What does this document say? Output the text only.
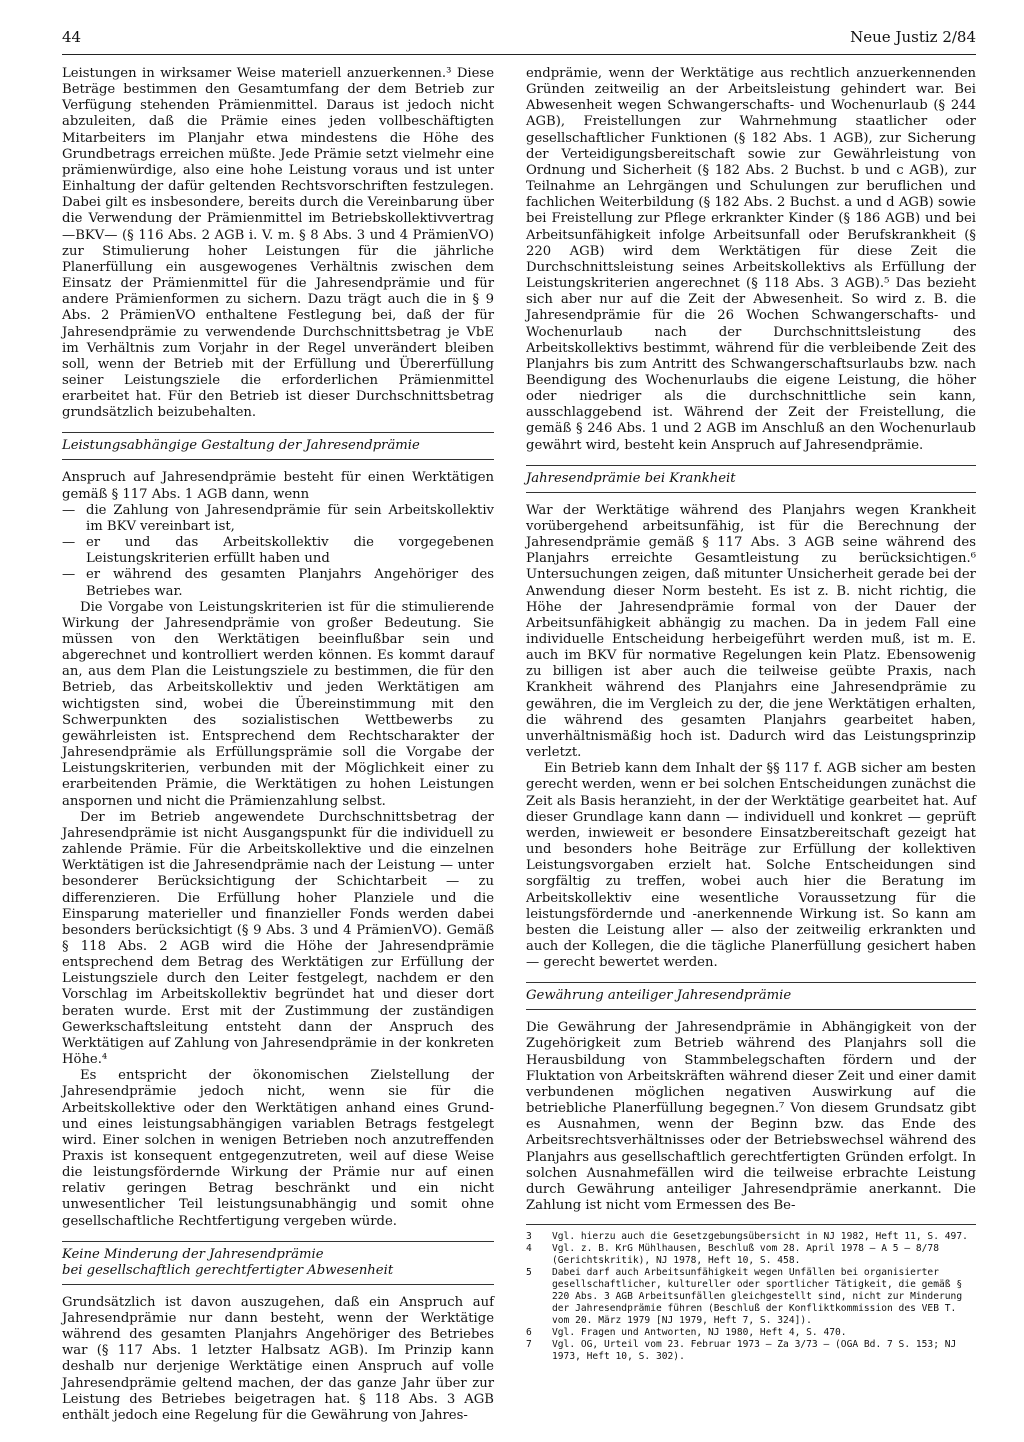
44	Neue Justiz 2/84

Leistungen in wirksamer Weise materiell anzuerkennen.³ Diese Beträge bestimmen den Gesamtumfang der dem Betrieb zur Verfügung stehenden Prämienmittel. Daraus ist jedoch nicht abzuleiten, daß die Prämie eines jeden vollbeschäftigten Mitarbeiters im Planjahr etwa mindestens die Höhe des Grundbetrags erreichen müßte. Jede Prämie setzt vielmehr eine prämienwürdige, also eine hohe Leistung voraus und ist unter Einhaltung der dafür geltenden Rechtsvorschriften festzulegen. Dabei gilt es insbesondere, bereits durch die Vereinbarung über die Verwendung der Prämienmittel im Betriebskollektivvertrag —BKV— (§ 116 Abs. 2 AGB i. V. m. § 8 Abs. 3 und 4 PrämienVO) zur Stimulierung hoher Leistungen für die jährliche Planerfüllung ein ausgewogenes Verhältnis zwischen dem Einsatz der Prämienmittel für die Jahresendprämie und für andere Prämienformen zu sichern. Dazu trägt auch die in § 9 Abs. 2 PrämienVO enthaltene Festlegung bei, daß der für Jahresendprämie zu verwendende Durchschnittsbetrag je VbE im Verhältnis zum Vorjahr in der Regel unverändert bleiben soll, wenn der Betrieb mit der Erfüllung und Übererfüllung seiner Leistungsziele die erforderlichen Prämienmittel erarbeitet hat. Für den Betrieb ist dieser Durchschnittsbetrag grundsätzlich beizubehalten.

Leistungsabhängige Gestaltung der Jahresendprämie

Anspruch auf Jahresendprämie besteht für einen Werktätigen gemäß § 117 Abs. 1 AGB dann, wenn

— die Zahlung von Jahresendprämie für sein Arbeitskollektiv im BKV vereinbart ist,
— er und das Arbeitskollektiv die vorgegebenen Leistungskriterien erfüllt haben und
— er während des gesamten Planjahrs Angehöriger des Betriebes war.

Die Vorgabe von Leistungskriterien ist für die stimulierende Wirkung der Jahresendprämie von großer Bedeutung. Sie müssen von den Werktätigen beeinflußbar sein und abgerechnet und kontrolliert werden können. Es kommt darauf an, aus dem Plan die Leistungsziele zu bestimmen, die für den Betrieb, das Arbeitskollektiv und jeden Werktätigen am wichtigsten sind, wobei die Übereinstimmung mit den Schwerpunkten des sozialistischen Wettbewerbs zu gewährleisten ist. Entsprechend dem Rechtscharakter der Jahresendprämie als Erfüllungsprämie soll die Vorgabe der Leistungskriterien, verbunden mit der Möglichkeit einer zu erarbeitenden Prämie, die Werktätigen zu hohen Leistungen anspornen und nicht die Prämienzahlung selbst.

Der im Betrieb angewendete Durchschnittsbetrag der Jahresendprämie ist nicht Ausgangspunkt für die individuell zu zahlende Prämie. Für die Arbeitskollektive und die einzelnen Werktätigen ist die Jahresendprämie nach der Leistung — unter besonderer Berücksichtigung der Schichtarbeit — zu differenzieren. Die Erfüllung hoher Planziele und die Einsparung materieller und finanzieller Fonds werden dabei besonders berücksichtigt (§ 9 Abs. 3 und 4 PrämienVO). Gemäß § 118 Abs. 2 AGB wird die Höhe der Jahresendprämie entsprechend dem Betrag des Werktätigen zur Erfüllung der Leistungsziele durch den Leiter festgelegt, nachdem er den Vorschlag im Arbeitskollektiv begründet hat und dieser dort beraten wurde. Erst mit der Zustimmung der zuständigen Gewerkschaftsleitung entsteht dann der Anspruch des Werktätigen auf Zahlung von Jahresendprämie in der konkreten Höhe.⁴

Es entspricht der ökonomischen Zielstellung der Jahresendprämie jedoch nicht, wenn sie für die Arbeitskollektive oder den Werktätigen anhand eines Grund- und eines leistungsabhängigen variablen Betrags festgelegt wird. Einer solchen in wenigen Betrieben noch anzutreffenden Praxis ist konsequent entgegenzutreten, weil auf diese Weise die leistungsfördernde Wirkung der Prämie nur auf einen relativ geringen Betrag beschränkt und ein nicht unwesentlicher Teil leistungsunabhängig und somit ohne gesellschaftliche Rechtfertigung vergeben würde.

Keine Minderung der Jahresendprämie
bei gesellschaftlich gerechtfertigter Abwesenheit

Grundsätzlich ist davon auszugehen, daß ein Anspruch auf Jahresendprämie nur dann besteht, wenn der Werktätige während des gesamten Planjahrs Angehöriger des Betriebes war (§ 117 Abs. 1 letzter Halbsatz AGB). Im Prinzip kann deshalb nur derjenige Werktätige einen Anspruch auf volle Jahresendprämie geltend machen, der das ganze Jahr über zur Leistung des Betriebes beigetragen hat. § 118 Abs. 3 AGB enthält jedoch eine Regelung für die Gewährung von Jahres-

endprämie, wenn der Werktätige aus rechtlich anzuerkennenden Gründen zeitweilig an der Arbeitsleistung gehindert war. Bei Abwesenheit wegen Schwangerschafts- und Wochenurlaub (§ 244 AGB), Freistellungen zur Wahrnehmung staatlicher oder gesellschaftlicher Funktionen (§ 182 Abs. 1 AGB), zur Sicherung der Verteidigungsbereitschaft sowie zur Gewährleistung von Ordnung und Sicherheit (§ 182 Abs. 2 Buchst. b und c AGB), zur Teilnahme an Lehrgängen und Schulungen zur beruflichen und fachlichen Weiterbildung (§ 182 Abs. 2 Buchst. a und d AGB) sowie bei Freistellung zur Pflege erkrankter Kinder (§ 186 AGB) und bei Arbeitsunfähigkeit infolge Arbeitsunfall oder Berufskrankheit (§ 220 AGB) wird dem Werktätigen für diese Zeit die Durchschnittsleistung seines Arbeitskollektivs als Erfüllung der Leistungskriterien angerechnet (§ 118 Abs. 3 AGB).⁵ Das bezieht sich aber nur auf die Zeit der Abwesenheit. So wird z. B. die Jahresendprämie für die 26 Wochen Schwangerschafts- und Wochenurlaub nach der Durchschnittsleistung des Arbeitskollektivs bestimmt, während für die verbleibende Zeit des Planjahrs bis zum Antritt des Schwangerschaftsurlaubs bzw. nach Beendigung des Wochenurlaubs die eigene Leistung, die höher oder niedriger als die durchschnittliche sein kann, ausschlaggebend ist. Während der Zeit der Freistellung, die gemäß § 246 Abs. 1 und 2 AGB im Anschluß an den Wochenurlaub gewährt wird, besteht kein Anspruch auf Jahresendprämie.

Jahresendprämie bei Krankheit

War der Werktätige während des Planjahrs wegen Krankheit vorübergehend arbeitsunfähig, ist für die Berechnung der Jahresendprämie gemäß § 117 Abs. 3 AGB seine während des Planjahrs erreichte Gesamtleistung zu berücksichtigen.⁶ Untersuchungen zeigen, daß mitunter Unsicherheit gerade bei der Anwendung dieser Norm besteht. Es ist z. B. nicht richtig, die Höhe der Jahresendprämie formal von der Dauer der Arbeitsunfähigkeit abhängig zu machen. Da in jedem Fall eine individuelle Entscheidung herbeigeführt werden muß, ist m. E. auch im BKV für normative Regelungen kein Platz. Ebensowenig zu billigen ist aber auch die teilweise geübte Praxis, nach Krankheit während des Planjahrs eine Jahresendprämie zu gewähren, die im Vergleich zu der, die jene Werktätigen erhalten, die während des gesamten Planjahrs gearbeitet haben, unverhältnismäßig hoch ist. Dadurch wird das Leistungsprinzip verletzt.

Ein Betrieb kann dem Inhalt der §§ 117 f. AGB sicher am besten gerecht werden, wenn er bei solchen Entscheidungen zunächst die Zeit als Basis heranzieht, in der der Werktätige gearbeitet hat. Auf dieser Grundlage kann dann — individuell und konkret — geprüft werden, inwieweit er besondere Einsatzbereitschaft gezeigt hat und besonders hohe Beiträge zur Erfüllung der kollektiven Leistungsvorgaben erzielt hat. Solche Entscheidungen sind sorgfältig zu treffen, wobei auch hier die Beratung im Arbeitskollektiv eine wesentliche Voraussetzung für die leistungsfördernde und -anerkennende Wirkung ist. So kann am besten die Leistung aller — also der zeitweilig erkrankten und auch der Kollegen, die die tägliche Planerfüllung gesichert haben — gerecht bewertet werden.

Gewährung anteiliger Jahresendprämie

Die Gewährung der Jahresendprämie in Abhängigkeit von der Zugehörigkeit zum Betrieb während des Planjahrs soll die Herausbildung von Stammbelegschaften fördern und der Fluktation von Arbeitskräften während dieser Zeit und einer damit verbundenen möglichen negativen Auswirkung auf die betriebliche Planerfüllung begegnen.⁷ Von diesem Grundsatz gibt es Ausnahmen, wenn der Beginn bzw. das Ende des Arbeitsrechtsverhältnisses oder der Betriebswechsel während des Planjahrs aus gesellschaftlich gerechtfertigten Gründen erfolgt. In solchen Ausnahmefällen wird die teilweise erbrachte Leistung durch Gewährung anteiliger Jahresendprämie anerkannt. Die Zahlung ist nicht vom Ermessen des Be-

3	Vgl. hierzu auch die Gesetzgebungsübersicht in NJ 1982, Heft 11, S. 497.
4	Vgl. z. B. KrG Mühlhausen, Beschluß vom 28. April 1978 — A 5 — 8/78 (Gerichtskritik), NJ 1978, Heft 10, S. 458.
5	Dabei darf auch Arbeitsunfähigkeit wegen Unfällen bei organisierter gesellschaftlicher, kultureller oder sportlicher Tätigkeit, die gemäß § 220 Abs. 3 AGB Arbeitsunfällen gleichgestellt sind, nicht zur Minderung der Jahresendprämie führen (Beschluß der Konfliktkommission des VEB T. vom 20. März 1979 [NJ 1979, Heft 7, S. 324]).
6	Vgl. Fragen und Antworten, NJ 1980, Heft 4, S. 470.
7	Vgl. OG, Urteil vom 23. Februar 1973 — Za 3/73 — (OGA Bd. 7 S. 153; NJ 1973, Heft 10, S. 302).
